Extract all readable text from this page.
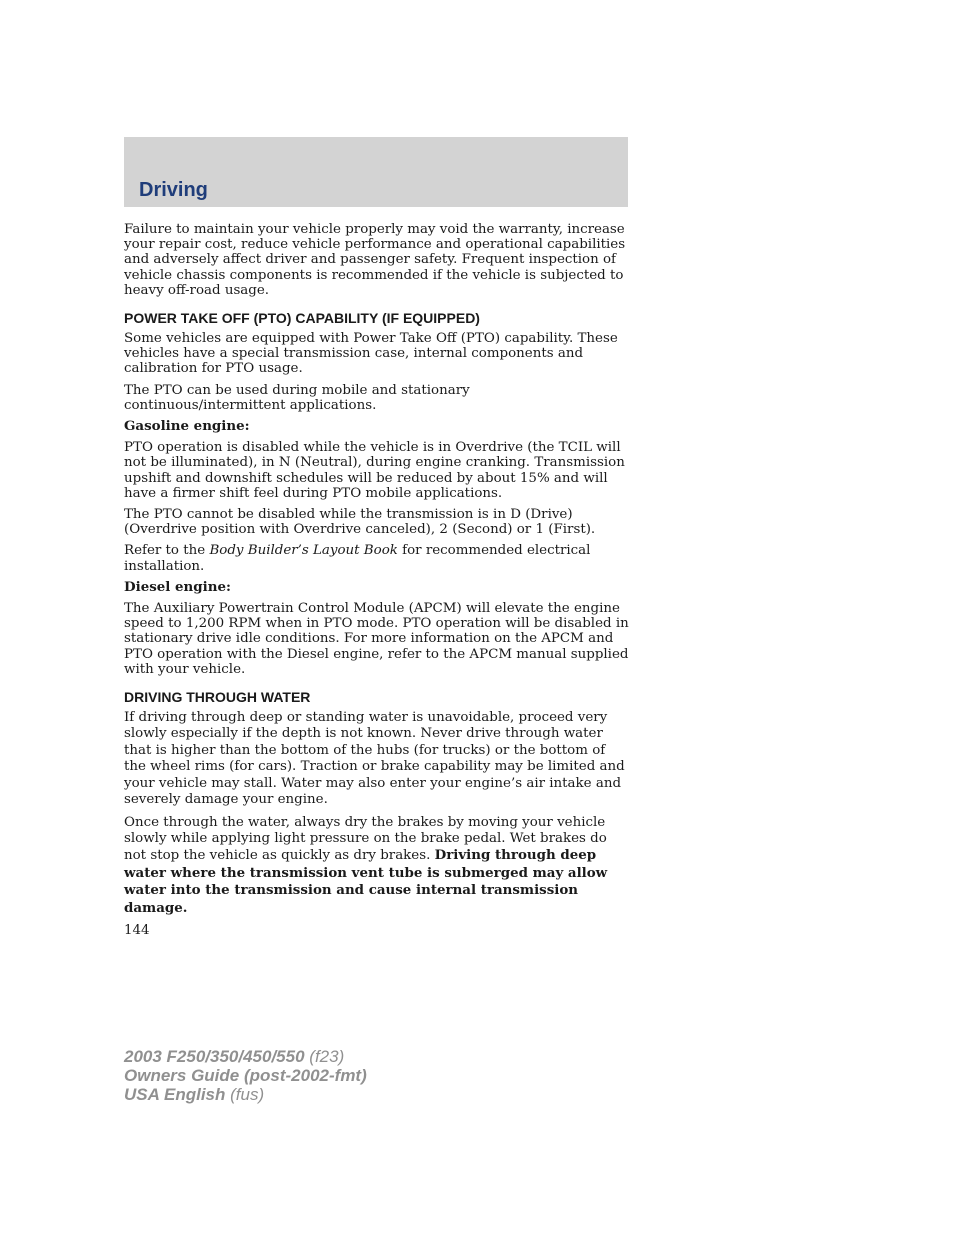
Driving

Failure to maintain your vehicle properly may void the warranty, increase your repair cost, reduce vehicle performance and operational capabilities and adversely affect driver and passenger safety. Frequent inspection of vehicle chassis components is recommended if the vehicle is subjected to heavy off-road usage.

POWER TAKE OFF (PTO) CAPABILITY (IF EQUIPPED)

Some vehicles are equipped with Power Take Off (PTO) capability. These vehicles have a special transmission case, internal components and calibration for PTO usage.

The PTO can be used during mobile and stationary continuous/intermittent applications.

Gasoline engine:

PTO operation is disabled while the vehicle is in Overdrive (the TCIL will not be illuminated), in N (Neutral), during engine cranking. Transmission upshift and downshift schedules will be reduced by about 15% and will have a firmer shift feel during PTO mobile applications.

The PTO cannot be disabled while the transmission is in D (Drive) (Overdrive position with Overdrive canceled), 2 (Second) or 1 (First).

Refer to the Body Builder’s Layout Book for recommended electrical installation.

Diesel engine:

The Auxiliary Powertrain Control Module (APCM) will elevate the engine speed to 1,200 RPM when in PTO mode. PTO operation will be disabled in stationary drive idle conditions. For more information on the APCM and PTO operation with the Diesel engine, refer to the APCM manual supplied with your vehicle.

DRIVING THROUGH WATER

If driving through deep or standing water is unavoidable, proceed very slowly especially if the depth is not known. Never drive through water that is higher than the bottom of the hubs (for trucks) or the bottom of the wheel rims (for cars). Traction or brake capability may be limited and your vehicle may stall. Water may also enter your engine’s air intake and severely damage your engine.

Once through the water, always dry the brakes by moving your vehicle slowly while applying light pressure on the brake pedal. Wet brakes do not stop the vehicle as quickly as dry brakes. Driving through deep water where the transmission vent tube is submerged may allow water into the transmission and cause internal transmission damage.

144

2003 F250/350/450/550 (f23)
Owners Guide (post-2002-fmt)
USA English (fus)
